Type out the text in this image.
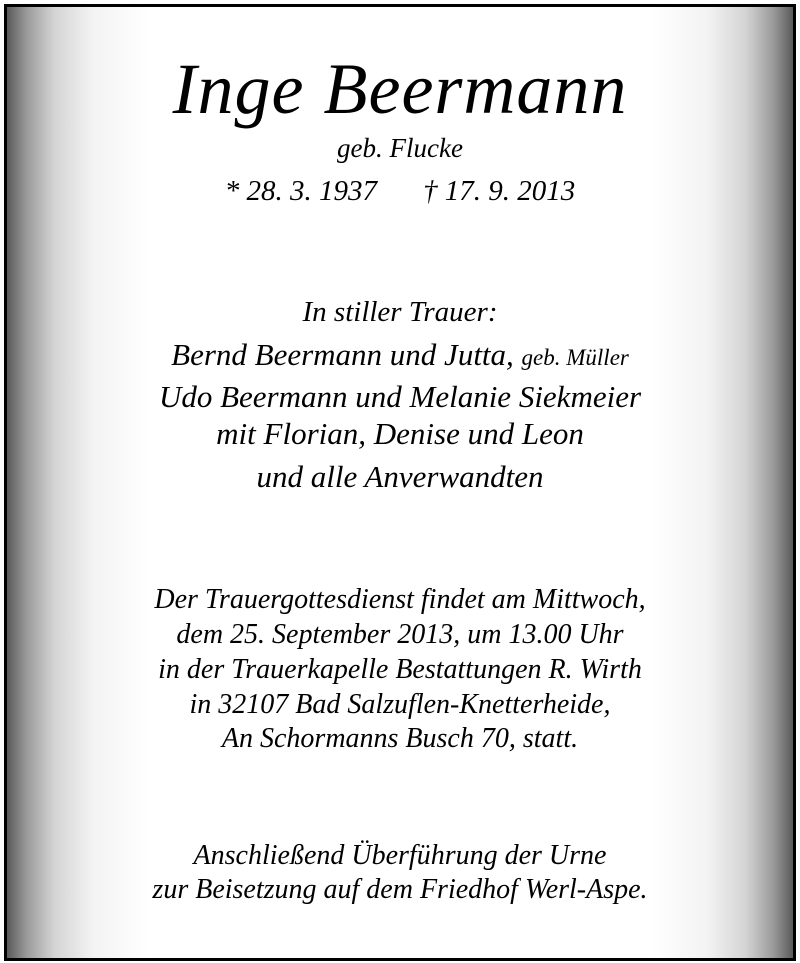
Inge Beermann
geb. Flucke
* 28. 3. 1937 † 17. 9. 2013
In stiller Trauer:
Bernd Beermann und Jutta, geb. Müller
Udo Beermann und Melanie Siekmeier
mit Florian, Denise und Leon
und alle Anverwandten
Der Trauergottesdienst findet am Mittwoch,
dem 25. September 2013, um 13.00 Uhr
in der Trauerkapelle Bestattungen R. Wirth
in 32107 Bad Salzuflen-Knetterheide,
An Schormanns Busch 70, statt.
Anschließend Überführung der Urne
zur Beisetzung auf dem Friedhof Werl-Aspe.
